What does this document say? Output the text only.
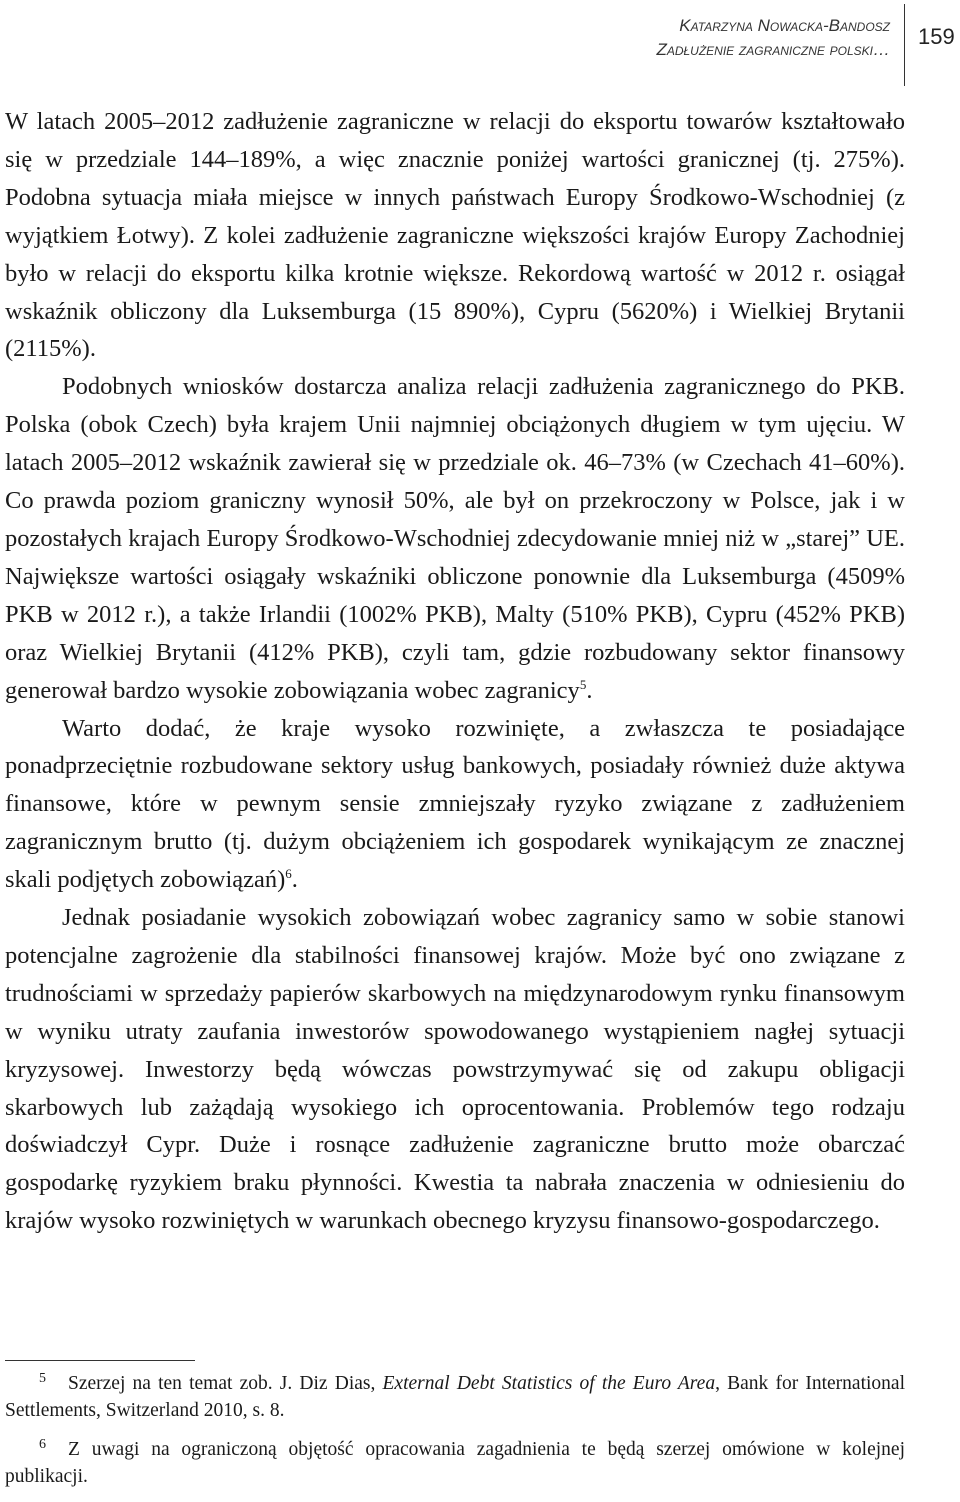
Katarzyna Nowacka-Bandosz
Zadłużenie zagraniczne polski…
159

W latach 2005–2012 zadłużenie zagraniczne w relacji do eksportu towarów kształtowało się w przedziale 144–189%, a więc znacznie poniżej wartości granicznej (tj. 275%). Podobna sytuacja miała miejsce w innych państwach Europy Środkowo-Wschodniej (z wyjątkiem Łotwy). Z kolei zadłużenie zagraniczne większości krajów Europy Zachodniej było w relacji do eksportu kilka krotnie większe. Rekordową wartość w 2012 r. osiągał wskaźnik obliczony dla Luksemburga (15 890%), Cypru (5620%) i Wielkiej Brytanii (2115%).

Podobnych wniosków dostarcza analiza relacji zadłużenia zagranicznego do PKB. Polska (obok Czech) była krajem Unii najmniej obciążonych długiem w tym ujęciu. W latach 2005–2012 wskaźnik zawierał się w przedziale ok. 46–73% (w Czechach 41–60%). Co prawda poziom graniczny wynosił 50%, ale był on przekroczony w Polsce, jak i w pozostałych krajach Europy Środkowo-Wschodniej zdecydowanie mniej niż w „starej” UE. Największe wartości osiągały wskaźniki obliczone ponownie dla Luksemburga (4509% PKB w 2012 r.), a także Irlandii (1002% PKB), Malty (510% PKB), Cypru (452% PKB) oraz Wielkiej Brytanii (412% PKB), czyli tam, gdzie rozbudowany sektor finansowy generował bardzo wysokie zobowiązania wobec zagranicy$^5$.

Warto dodać, że kraje wysoko rozwinięte, a zwłaszcza te posiadające ponadprzeciętnie rozbudowane sektory usług bankowych, posiadały również duże aktywa finansowe, które w pewnym sensie zmniejszały ryzyko związane z zadłużeniem zagranicznym brutto (tj. dużym obciążeniem ich gospodarek wynikającym ze znacznej skali podjętych zobowiązań)$^6$.

Jednak posiadanie wysokich zobowiązań wobec zagranicy samo w sobie stanowi potencjalne zagrożenie dla stabilności finansowej krajów. Może być ono związane z trudnościami w sprzedaży papierów skarbowych na międzynarodowym rynku finansowym w wyniku utraty zaufania inwestorów spowodowanego wystąpieniem nagłej sytuacji kryzysowej. Inwestorzy będą wówczas powstrzymywać się od zakupu obligacji skarbowych lub zażądają wysokiego ich oprocentowania. Problemów tego rodzaju doświadczył Cypr. Duże i rosnące zadłużenie zagraniczne brutto może obarczać gospodarkę ryzykiem braku płynności. Kwestia ta nabrała znaczenia w odniesieniu do krajów wysoko rozwiniętych w warunkach obecnego kryzysu finansowo-gospodarczego.

$^5$ Szerzej na ten temat zob. J. Diz Dias, External Debt Statistics of the Euro Area, Bank for International Settlements, Switzerland 2010, s. 8.

$^6$ Z uwagi na ograniczoną objętość opracowania zagadnienia te będą szerzej omówione w kolejnej publikacji.
